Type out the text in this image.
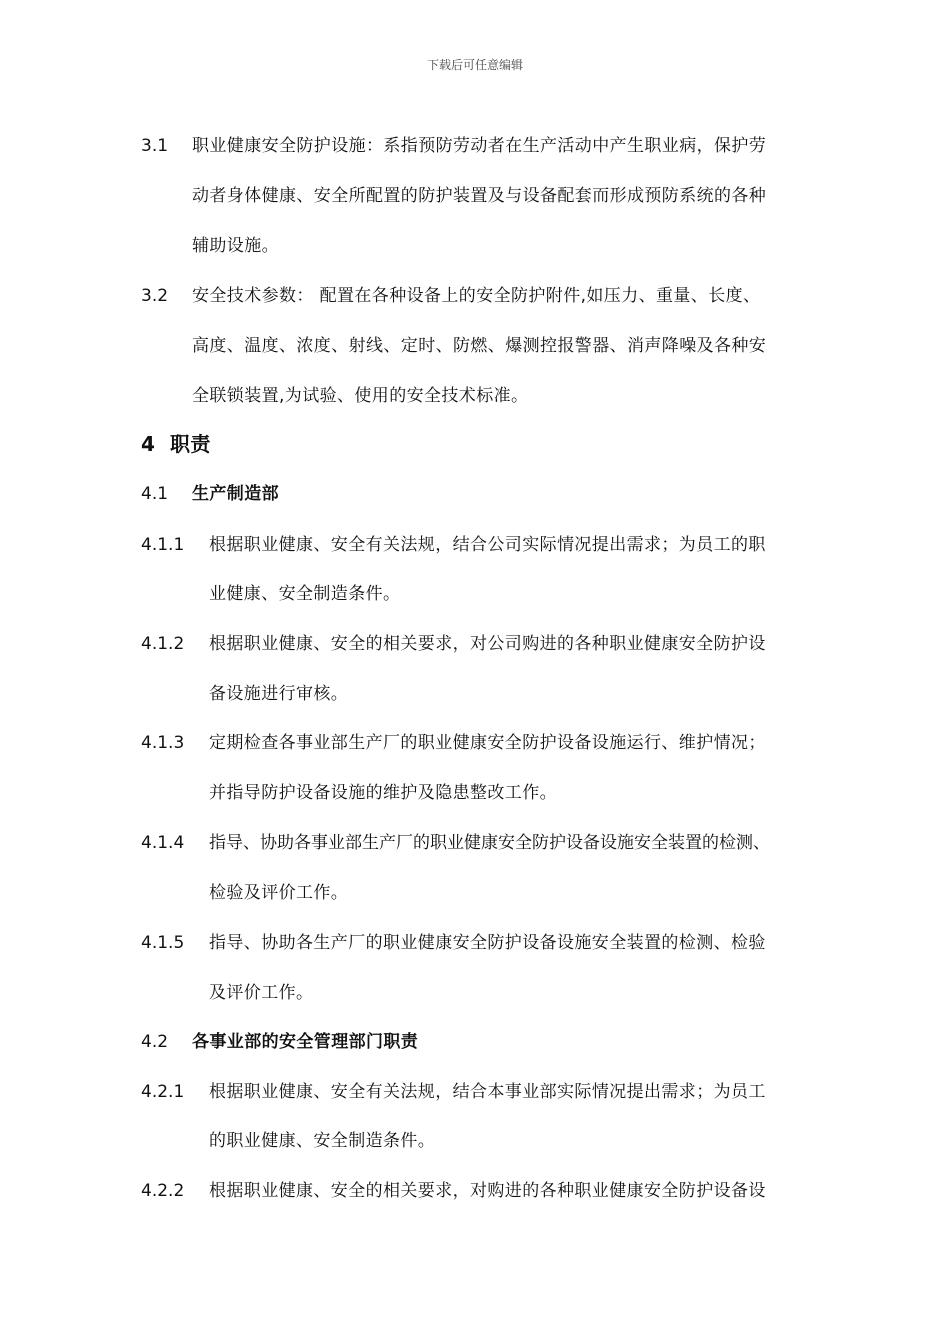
下载后可任意编辑
3.1 职业健康安全防护设施：系指预防劳动者在生产活动中产生职业病，保护劳
动者身体健康、安全所配置的防护装置及与设备配套而形成预防系统的各种
辅助设施。
3.2 安全技术参数： 配置在各种设备上的安全防护附件,如压力、重量、长度、
高度、温度、浓度、射线、定时、防燃、爆测控报警器、消声降噪及各种安
全联锁装置,为试验、使用的安全技术标准。
4 职责
4.1 生产制造部
4.1.1 根据职业健康、安全有关法规，结合公司实际情况提出需求；为员工的职
业健康、安全制造条件。
4.1.2 根据职业健康、安全的相关要求，对公司购进的各种职业健康安全防护设
备设施进行审核。
4.1.3 定期检查各事业部生产厂的职业健康安全防护设备设施运行、维护情况；
并指导防护设备设施的维护及隐患整改工作。
4.1.4 指导、协助各事业部生产厂的职业健康安全防护设备设施安全装置的检测、
检验及评价工作。
4.1.5 指导、协助各生产厂的职业健康安全防护设备设施安全装置的检测、检验
及评价工作。
4.2 各事业部的安全管理部门职责
4.2.1 根据职业健康、安全有关法规，结合本事业部实际情况提出需求；为员工
的职业健康、安全制造条件。
4.2.2 根据职业健康、安全的相关要求，对购进的各种职业健康安全防护设备设
